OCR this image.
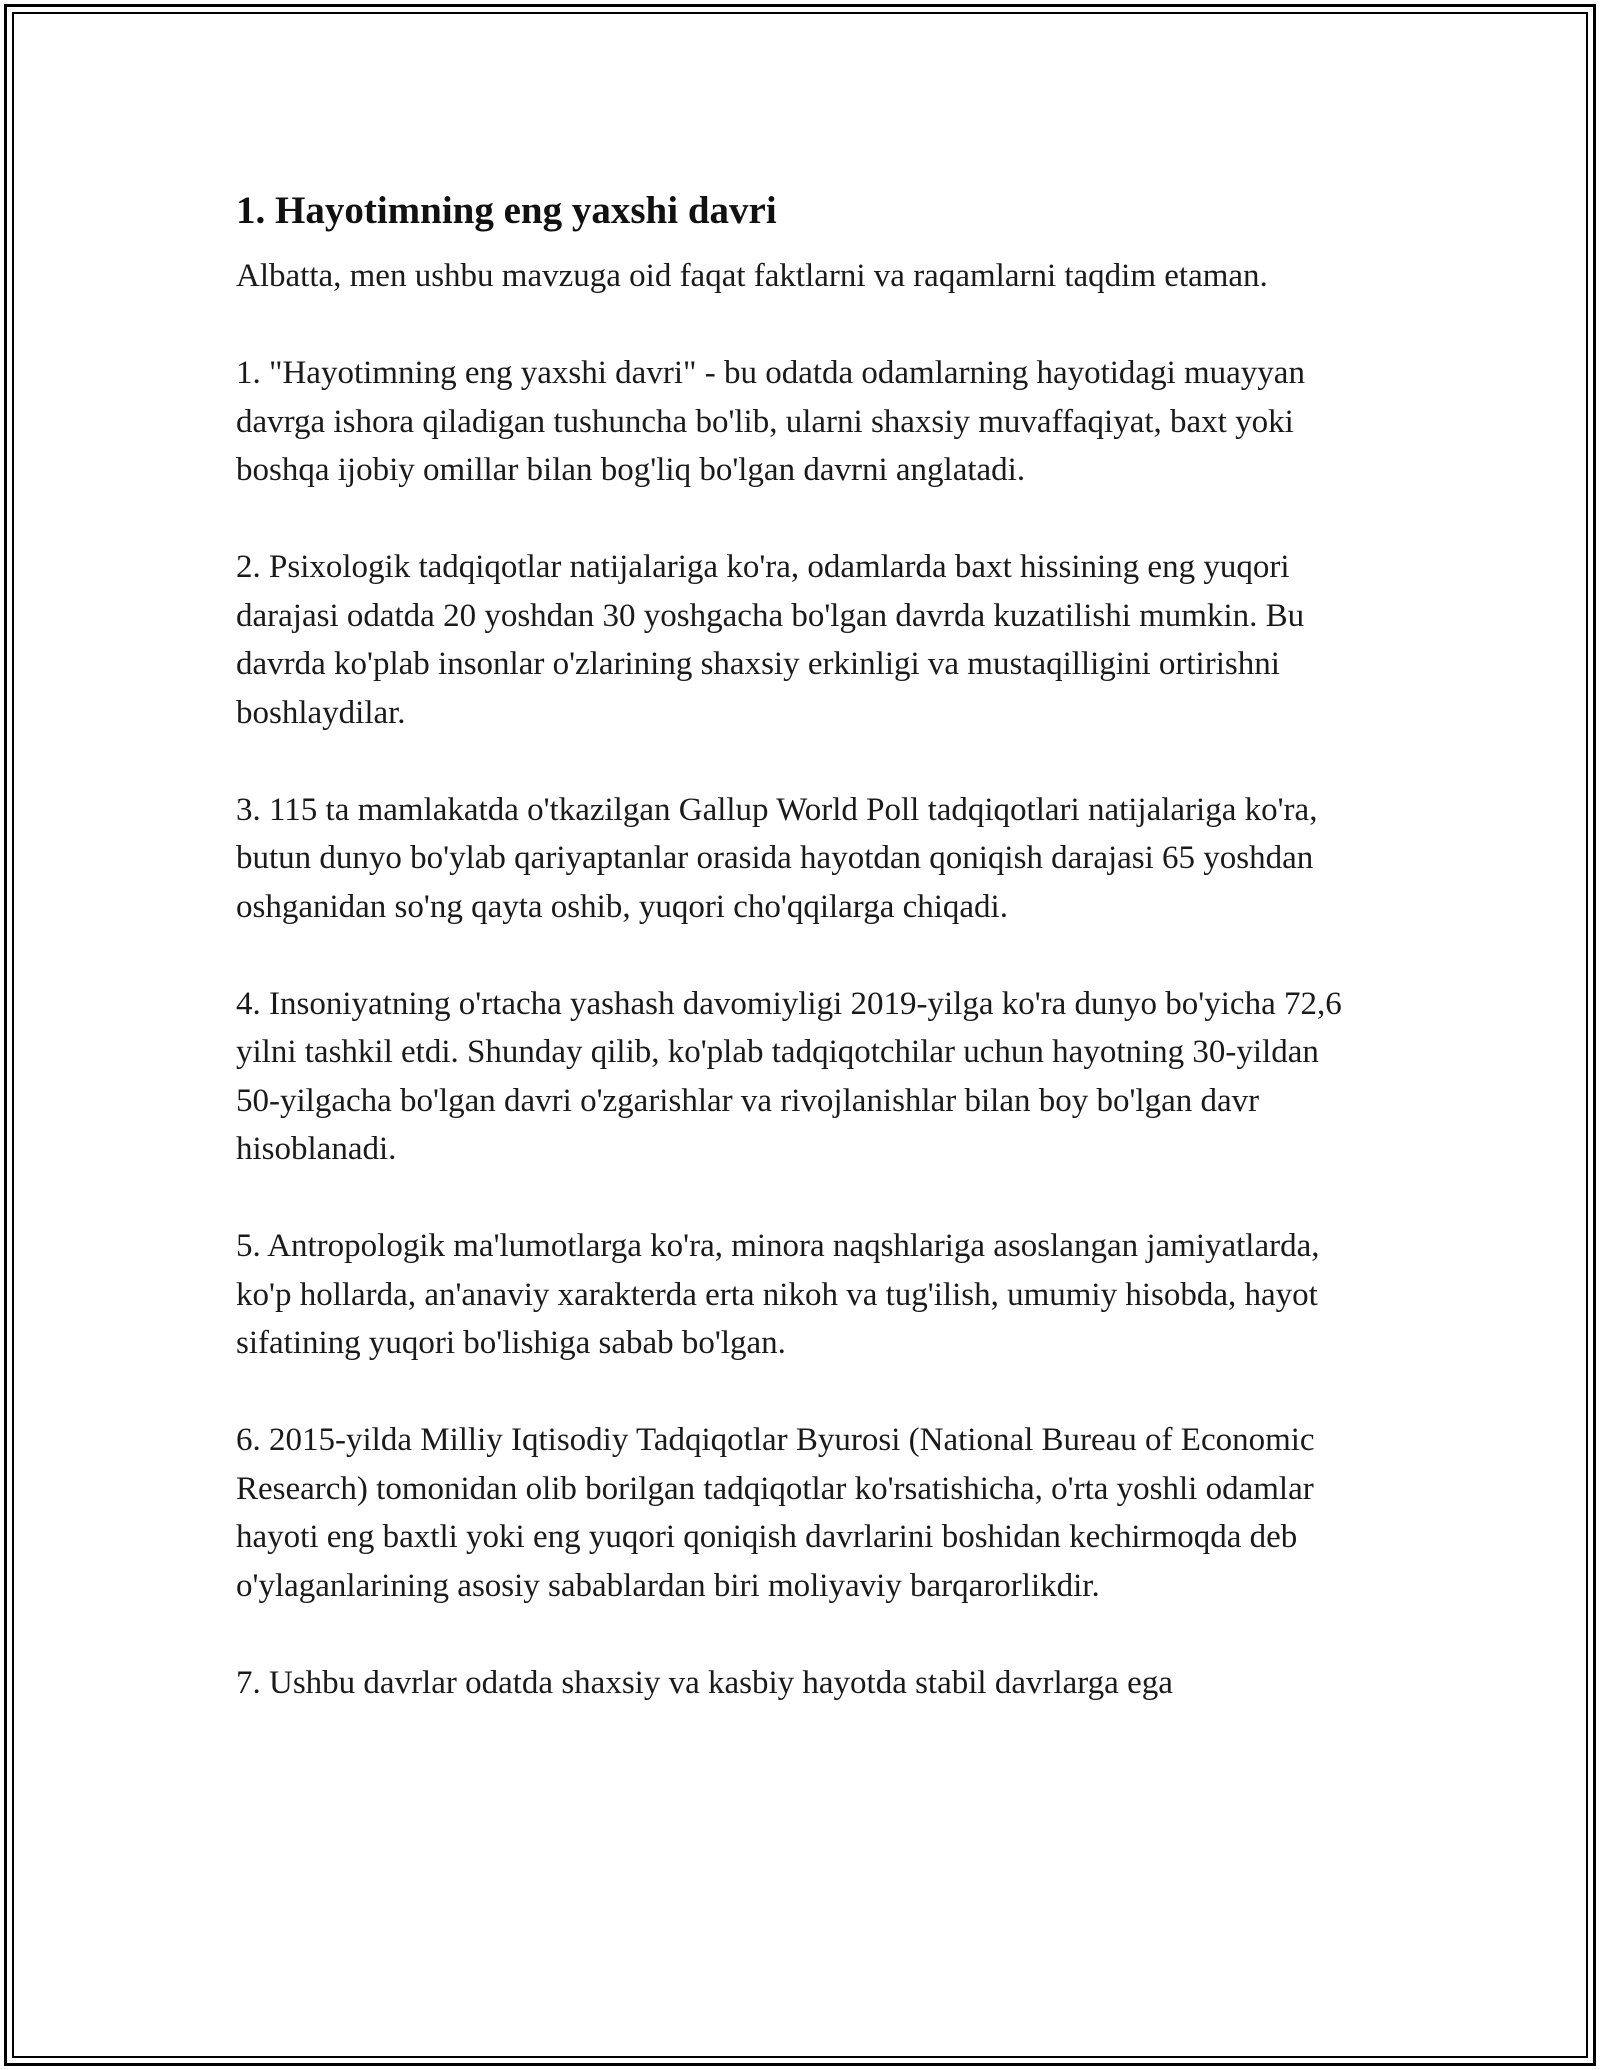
1. Hayotimning eng yaxshi davri

Albatta, men ushbu mavzuga oid faqat faktlarni va raqamlarni taqdim etaman.

1. "Hayotimning eng yaxshi davri" - bu odatda odamlarning hayotidagi muayyan davrga ishora qiladigan tushuncha bo'lib, ularni shaxsiy muvaffaqiyat, baxt yoki boshqa ijobiy omillar bilan bog'liq bo'lgan davrni anglatadi.

2. Psixologik tadqiqotlar natijalariga ko'ra, odamlarda baxt hissining eng yuqori darajasi odatda 20 yoshdan 30 yoshgacha bo'lgan davrda kuzatilishi mumkin. Bu davrda ko'plab insonlar o'zlarining shaxsiy erkinligi va mustaqilligini ortirishni boshlaydilar.

3. 115 ta mamlakatda o'tkazilgan Gallup World Poll tadqiqotlari natijalariga ko'ra, butun dunyo bo'ylab qariyaptanlar orasida hayotdan qoniqish darajasi 65 yoshdan oshganidan so'ng qayta oshib, yuqori cho'qqilarga chiqadi.

4. Insoniyatning o'rtacha yashash davomiyligi 2019-yilga ko'ra dunyo bo'yicha 72,6 yilni tashkil etdi. Shunday qilib, ko'plab tadqiqotchilar uchun hayotning 30-yildan 50-yilgacha bo'lgan davri o'zgarishlar va rivojlanishlar bilan boy bo'lgan davr hisoblanadi.

5. Antropologik ma'lumotlarga ko'ra, minora naqshlariga asoslangan jamiyatlarda, ko'p hollarda, an'anaviy xarakterda erta nikoh va tug'ilish, umumiy hisobda, hayot sifatining yuqori bo'lishiga sabab bo'lgan.

6. 2015-yilda Milliy Iqtisodiy Tadqiqotlar Byurosi (National Bureau of Economic Research) tomonidan olib borilgan tadqiqotlar ko'rsatishicha, o'rta yoshli odamlar hayoti eng baxtli yoki eng yuqori qoniqish davrlarini boshidan kechirmoqda deb o'ylaganlarining asosiy sabablardan biri moliyaviy barqarorlikdir.

7. Ushbu davrlar odatda shaxsiy va kasbiy hayotda stabil davrlarga ega
